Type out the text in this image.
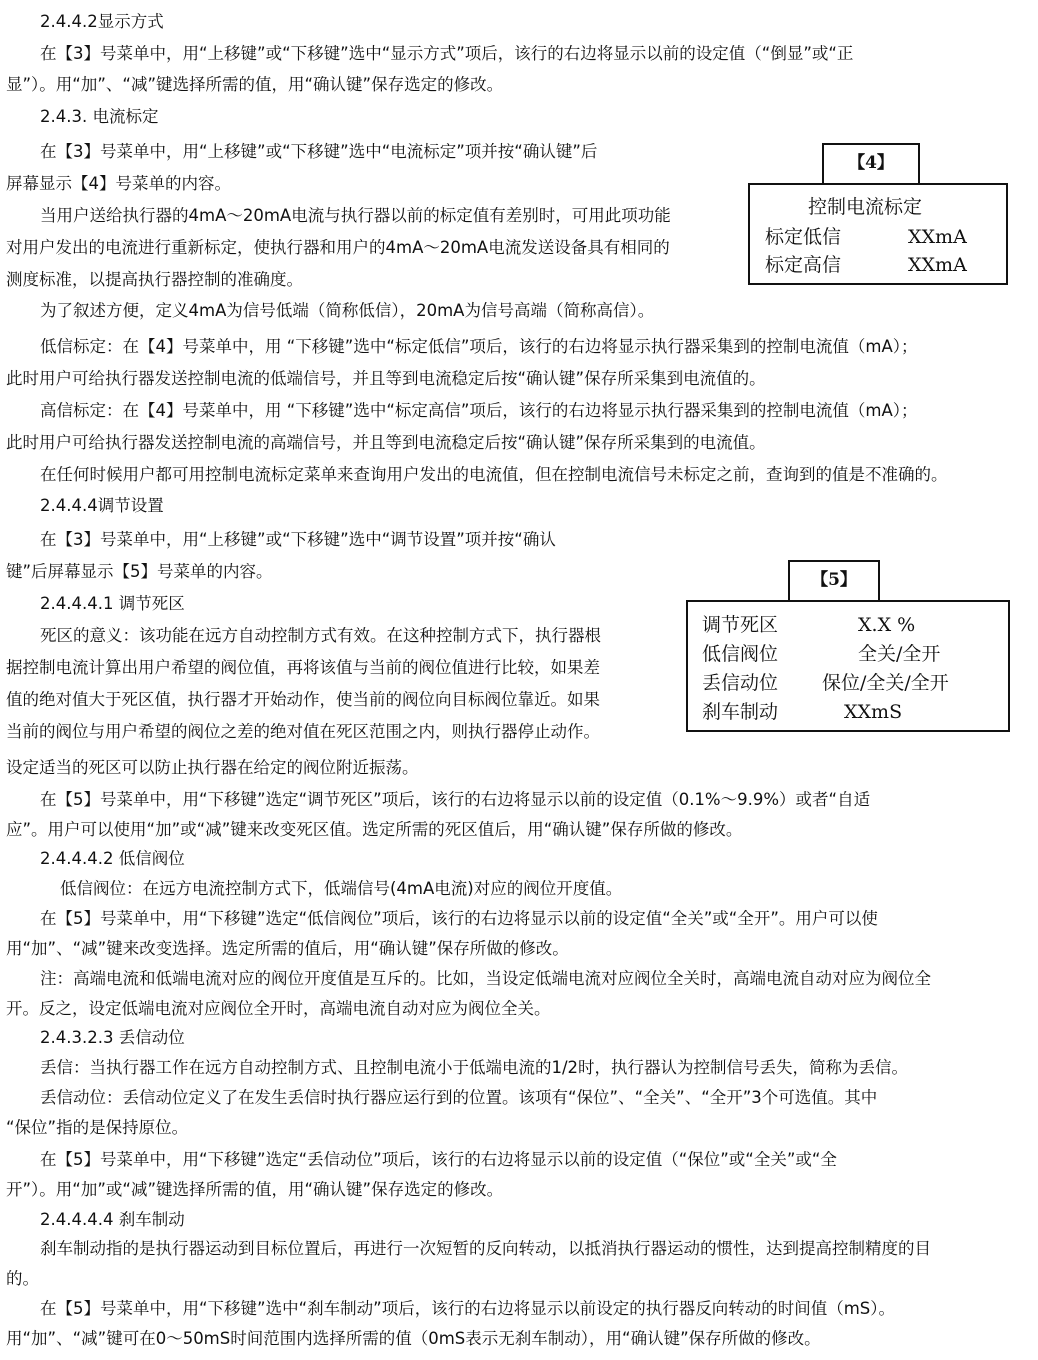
2.4.4.2显示方式
在【3】号菜单中，用“上移键”或“下移键”选中“显示方式”项后，该行的右边将显示以前的设定值（“倒显”或“正
显”）。用“加”、“减”键选择所需的值，用“确认键”保存选定的修改。
2.4.3. 电流标定
在【3】号菜单中，用“上移键”或“下移键”选中“电流标定”项并按“确认键”后
屏幕显示【4】号菜单的内容。
当用户送给执行器的4mA～20mA电流与执行器以前的标定值有差别时，可用此项功能
对用户发出的电流进行重新标定，使执行器和用户的4mA～20mA电流发送设备具有相同的
测度标准，以提高执行器控制的准确度。
为了叙述方便，定义4mA为信号低端（简称低信），20mA为信号高端（简称高信）。
低信标定：在【4】号菜单中，用 “下移键”选中“标定低信”项后，该行的右边将显示执行器采集到的控制电流值（mA）；
此时用户可给执行器发送控制电流的低端信号，并且等到电流稳定后按“确认键”保存所采集到电流值的。
高信标定：在【4】号菜单中，用 “下移键”选中“标定高信”项后，该行的右边将显示执行器采集到的控制电流值（mA）；
此时用户可给执行器发送控制电流的高端信号，并且等到电流稳定后按“确认键”保存所采集到的电流值。
在任何时候用户都可用控制电流标定菜单来查询用户发出的电流值，但在控制电流信号未标定之前，查询到的值是不准确的。
2.4.4.4调节设置
在【3】号菜单中，用“上移键”或“下移键”选中“调节设置”项并按“确认
键”后屏幕显示【5】号菜单的内容。
2.4.4.4.1 调节死区
死区的意义：该功能在远方自动控制方式有效。在这种控制方式下，执行器根
据控制电流计算出用户希望的阀位值，再将该值与当前的阀位值进行比较，如果差
值的绝对值大于死区值，执行器才开始动作，使当前的阀位向目标阀位靠近。如果
当前的阀位与用户希望的阀位之差的绝对值在死区范围之内，则执行器停止动作。
设定适当的死区可以防止执行器在给定的阀位附近振荡。
在【5】号菜单中，用“下移键”选定“调节死区”项后，该行的右边将显示以前的设定值（0.1%～9.9%）或者“自适
应”。用户可以使用“加”或“减”键来改变死区值。选定所需的死区值后，用“确认键”保存所做的修改。
2.4.4.4.2 低信阀位
低信阀位：在远方电流控制方式下，低端信号(4mA电流)对应的阀位开度值。
在【5】号菜单中，用“下移键”选定“低信阀位”项后，该行的右边将显示以前的设定值“全关”或“全开”。用户可以使
用“加”、“减”键来改变选择。选定所需的值后，用“确认键”保存所做的修改。
注：高端电流和低端电流对应的阀位开度值是互斥的。比如，当设定低端电流对应阀位全关时，高端电流自动对应为阀位全
开。反之，设定低端电流对应阀位全开时，高端电流自动对应为阀位全关。
2.4.3.2.3 丢信动位
丢信：当执行器工作在远方自动控制方式、且控制电流小于低端电流的1/2时，执行器认为控制信号丢失，简称为丢信。
丢信动位：丢信动位定义了在发生丢信时执行器应运行到的位置。该项有“保位”、“全关”、“全开”3个可选值。其中
“保位”指的是保持原位。
在【5】号菜单中，用“下移键”选定“丢信动位”项后，该行的右边将显示以前的设定值（“保位”或“全关”或“全
开”）。用“加”或“减”键选择所需的值，用“确认键”保存选定的修改。
2.4.4.4.4 刹车制动
刹车制动指的是执行器运动到目标位置后，再进行一次短暂的反向转动，以抵消执行器运动的惯性，达到提高控制精度的目
的。
在【5】号菜单中，用“下移键”选中“刹车制动”项后，该行的右边将显示以前设定的执行器反向转动的时间值（mS）。
用“加”、“减”键可在0～50mS时间范围内选择所需的值（0mS表示无刹车制动），用“确认键”保存所做的修改。
【4】
控制电流标定
标定低信	XXmA
标定高信	XXmA
【5】
调节死区	X.X %
低信阀位	全关/全开
丢信动位 保位/全关/全开
刹车制动	XXmS
